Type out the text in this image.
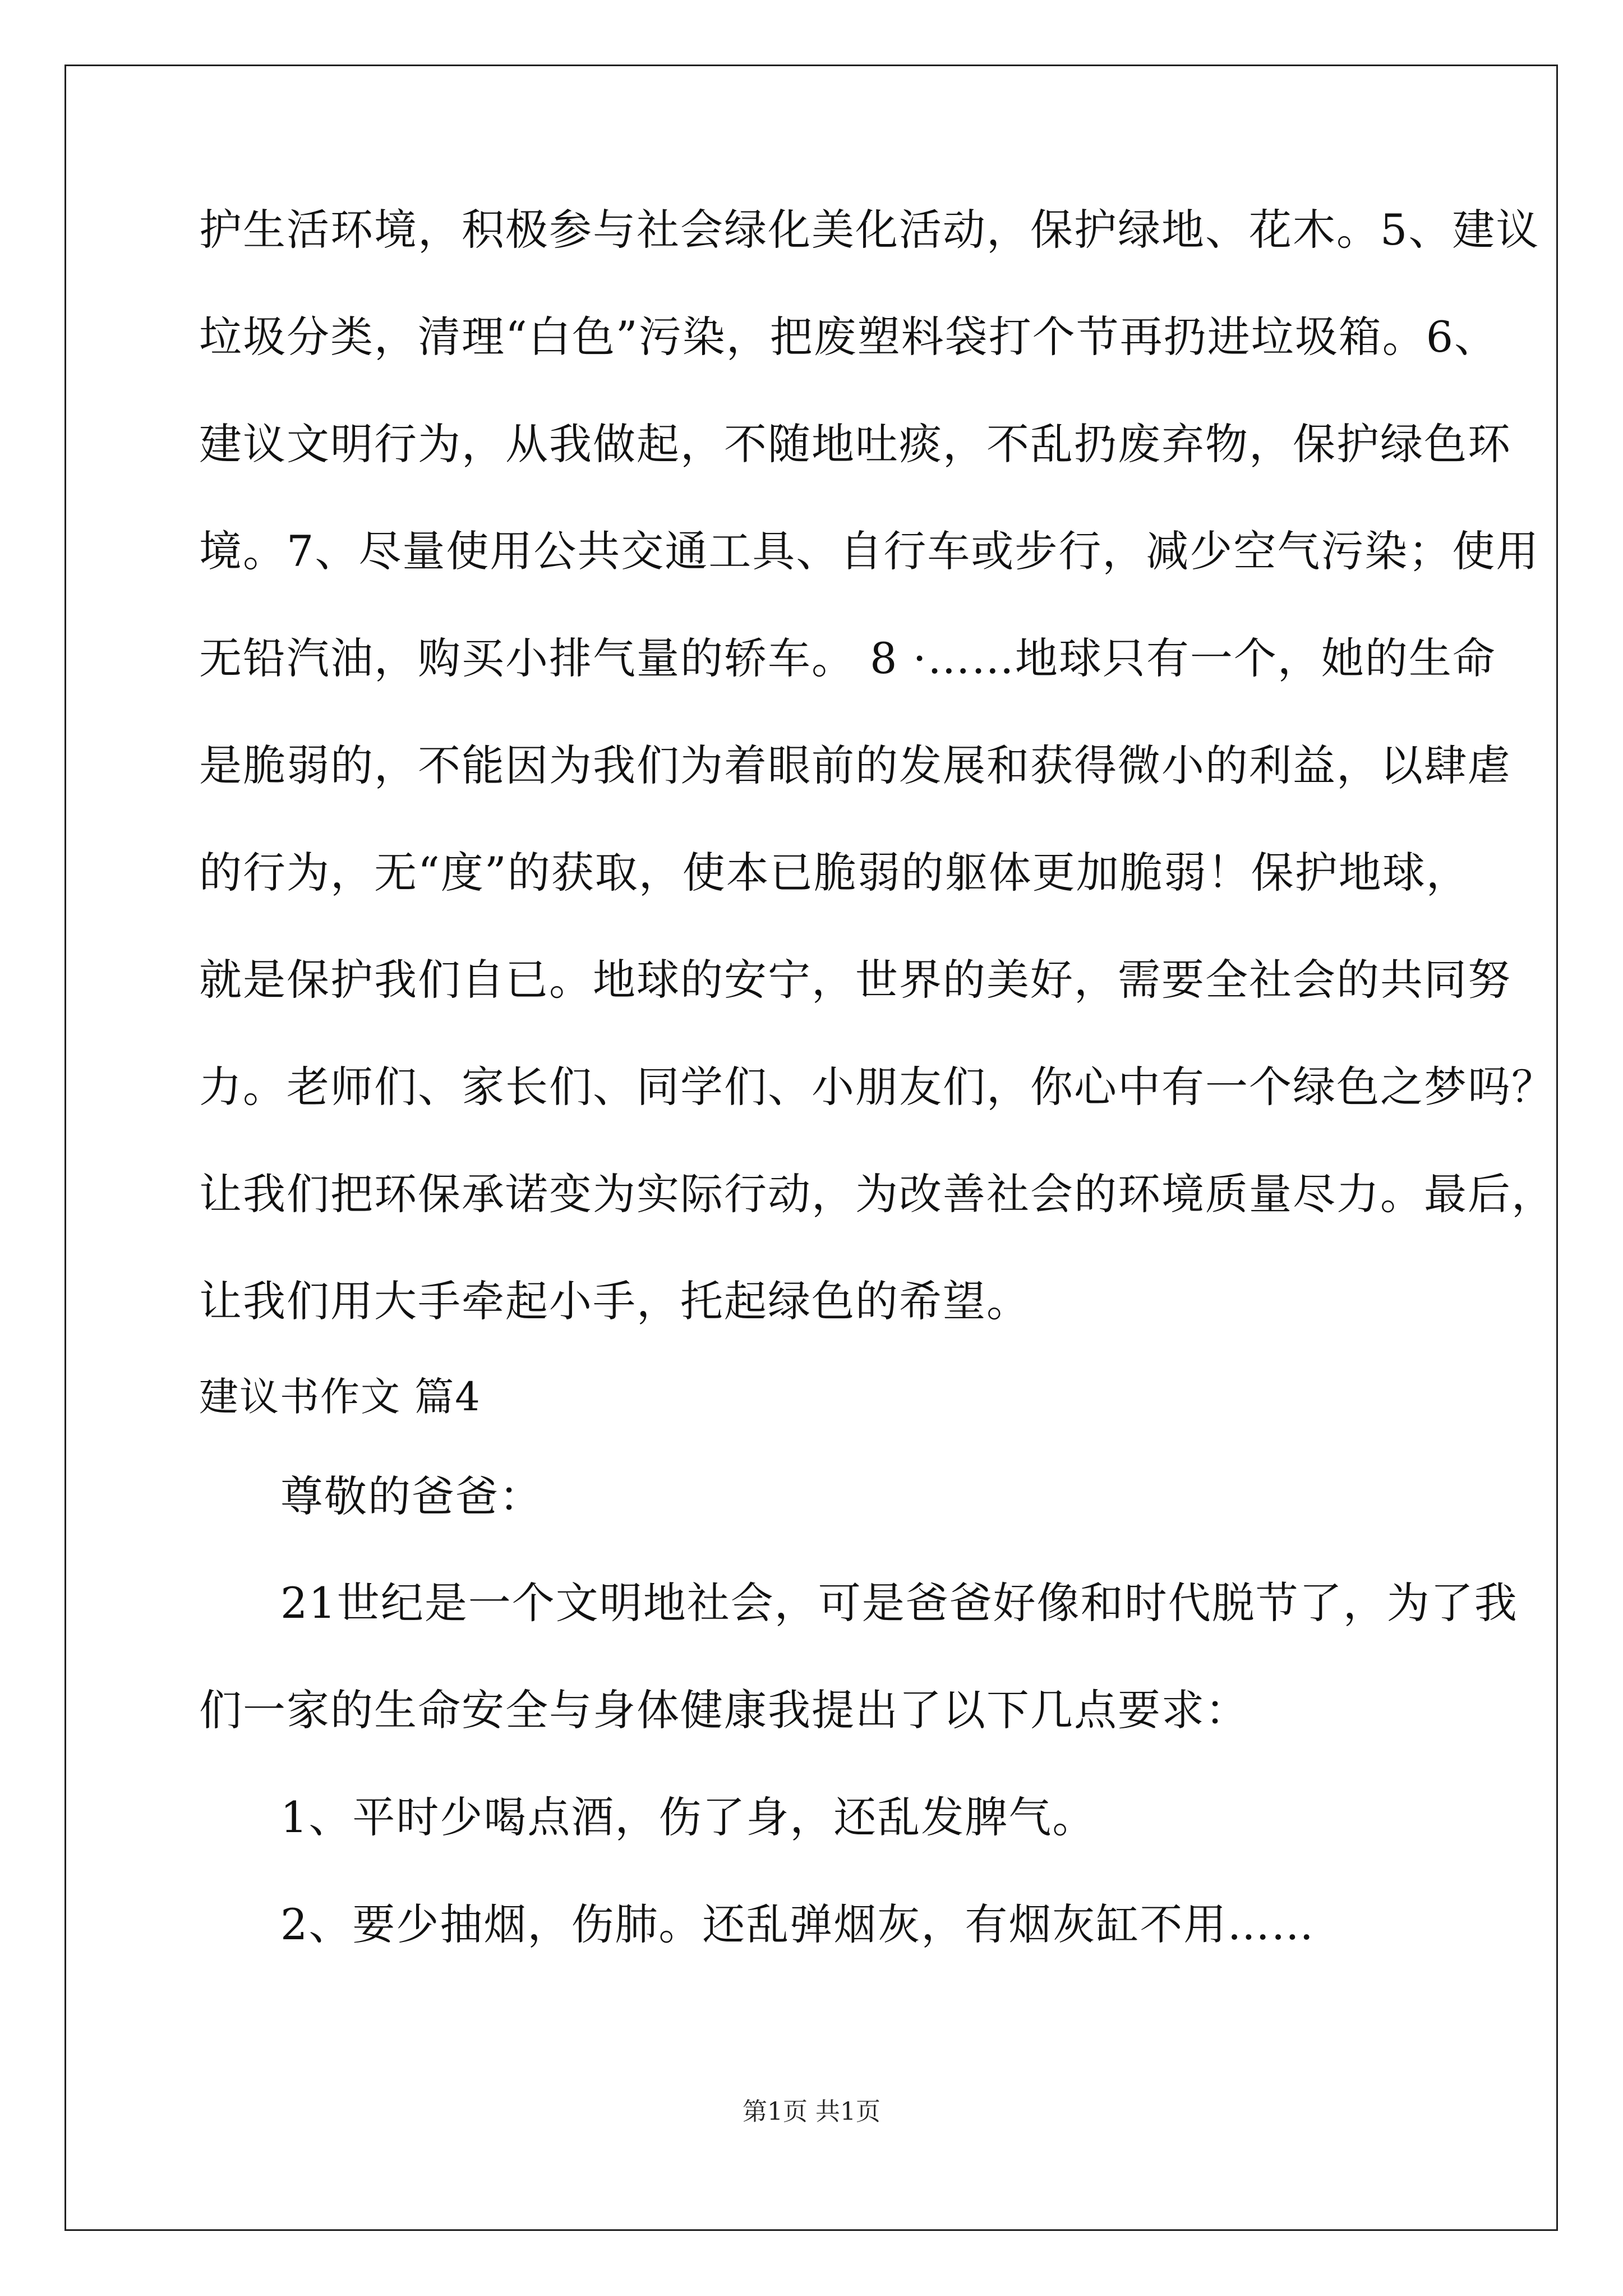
护生活环境，积极参与社会绿化美化活动，保护绿地、花木。5、建议
垃圾分类，清理“白色”污染，把废塑料袋打个节再扔进垃圾箱。6、
建议文明行为，从我做起，不随地吐痰，不乱扔废弃物，保护绿色环
境。7、尽量使用公共交通工具、自行车或步行，减少空气污染；使用
无铅汽油，购买小排气量的轿车。 8 ·……地球只有一个，她的生命
是脆弱的，不能因为我们为着眼前的发展和获得微小的利益，以肆虐
的行为，无“度”的获取，使本已脆弱的躯体更加脆弱！保护地球，
就是保护我们自已。地球的安宁，世界的美好，需要全社会的共同努
力。老师们、家长们、同学们、小朋友们，你心中有一个绿色之梦吗？
让我们把环保承诺变为实际行动，为改善社会的环境质量尽力。最后，
让我们用大手牵起小手，托起绿色的希望。
建议书作文 篇4
尊敬的爸爸：
21世纪是一个文明地社会，可是爸爸好像和时代脱节了，为了我
们一家的生命安全与身体健康我提出了以下几点要求：
1、平时少喝点酒，伤了身，还乱发脾气。
2、要少抽烟，伤肺。还乱弹烟灰，有烟灰缸不用……
第1页 共1页
